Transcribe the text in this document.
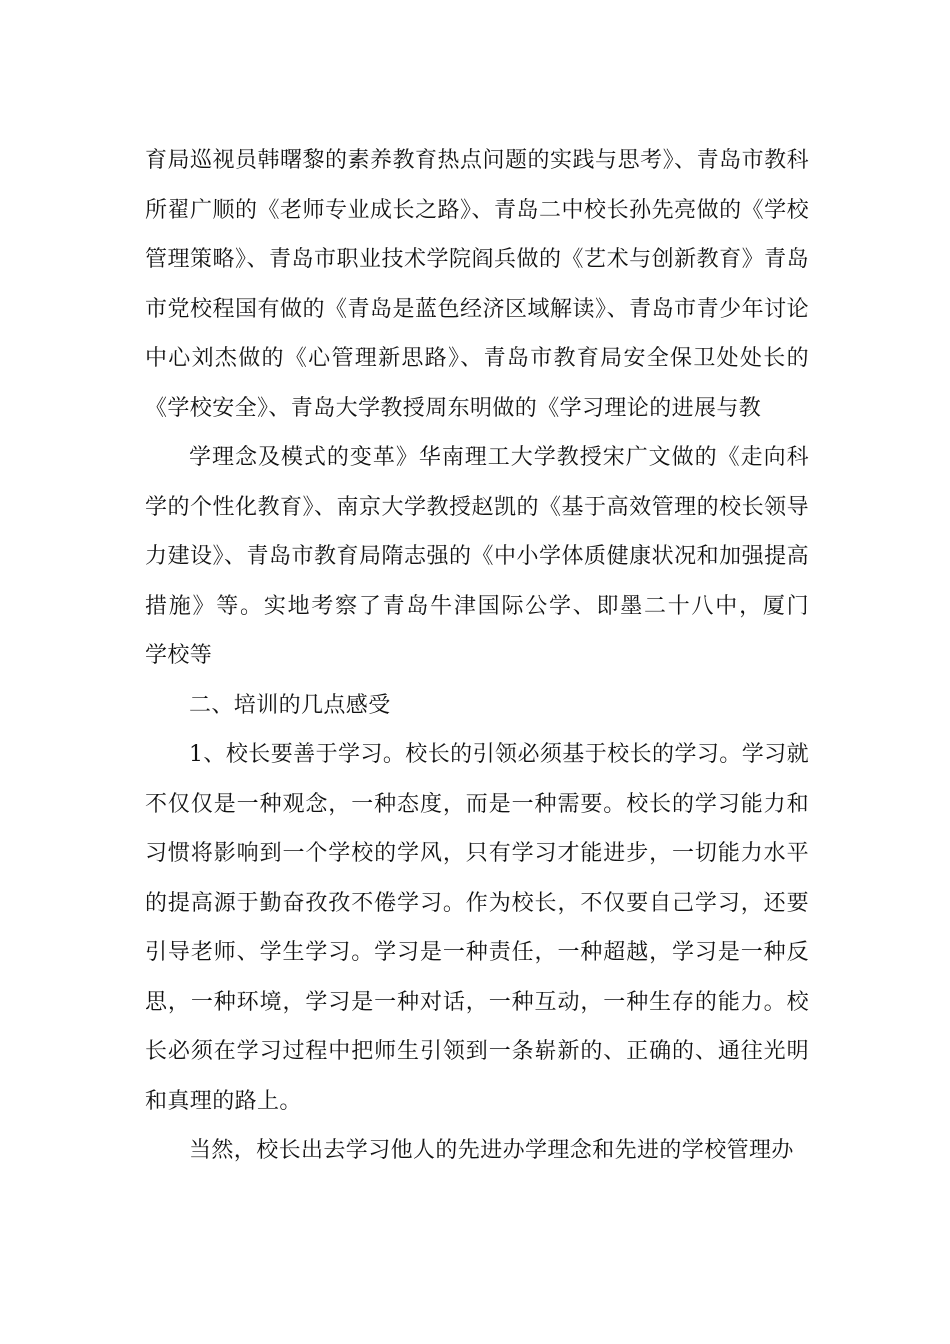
育局巡视员韩曙黎的素养教育热点问题的实践与思考》、青岛市教科所翟广顺的《老师专业成长之路》、青岛二中校长孙先亮做的《学校管理策略》、青岛市职业技术学院阎兵做的《艺术与创新教育》青岛市党校程国有做的《青岛是蓝色经济区域解读》、青岛市青少年讨论中心刘杰做的《心管理新思路》、青岛市教育局安全保卫处处长的《学校安全》、青岛大学教授周东明做的《学习理论的进展与教

学理念及模式的变革》华南理工大学教授宋广文做的《走向科学的个性化教育》、南京大学教授赵凯的《基于高效管理的校长领导力建设》、青岛市教育局隋志强的《中小学体质健康状况和加强提高措施》等。实地考察了青岛牛津国际公学、即墨二十八中，厦门  学校等

二、培训的几点感受

1、校长要善于学习。校长的引领必须基于校长的学习。学习就不仅仅是一种观念，一种态度，而是一种需要。校长的学习能力和习惯将影响到一个学校的学风，只有学习才能进步，一切能力水平的提高源于勤奋孜孜不倦学习。作为校长，不仅要自己学习，还要引导老师、学生学习。学习是一种责任，一种超越，学习是一种反思，一种环境，学习是一种对话，一种互动，一种生存的能力。校长必须在学习过程中把师生引领到一条崭新的、正确的、通往光明和真理的路上。

当然，校长出去学习他人的先进办学理念和先进的学校管理办
